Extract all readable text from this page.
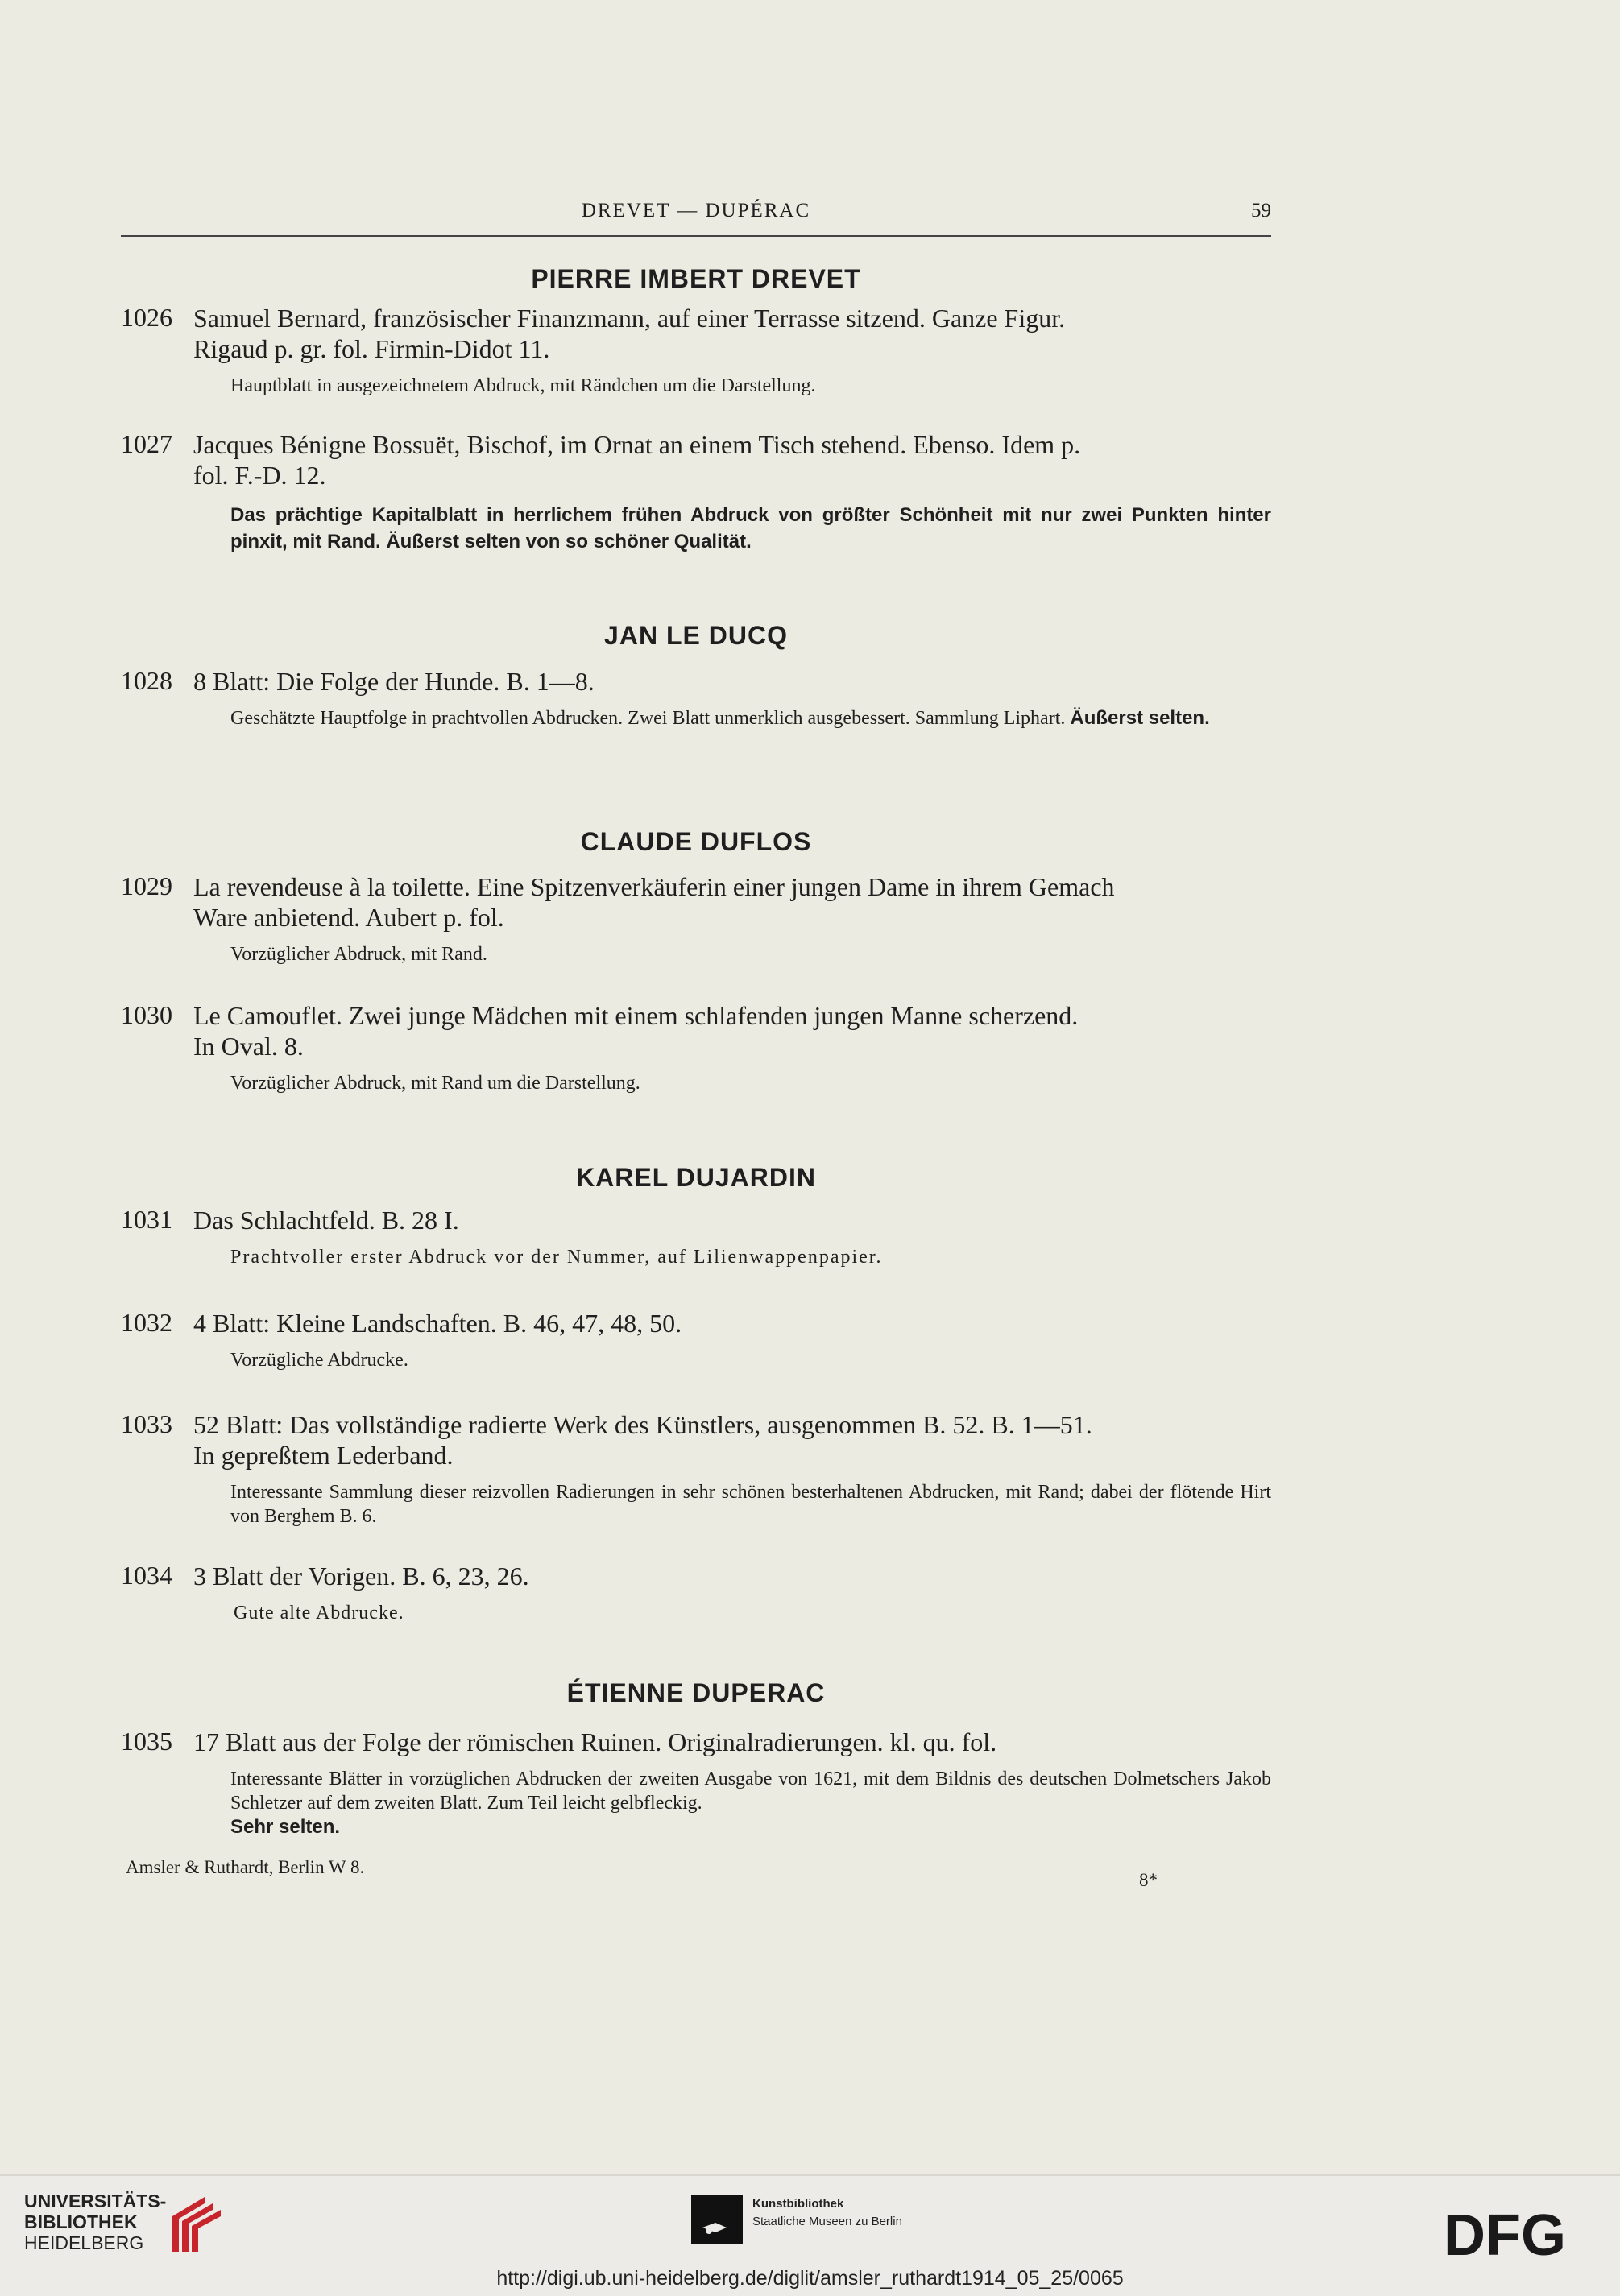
DREVET — DUPÉRAC	59
PIERRE IMBERT DREVET
1026 Samuel Bernard, französischer Finanzmann, auf einer Terrasse sitzend. Ganze Figur.
Rigaud p. gr. fol. Firmin-Didot 11.
Hauptblatt in ausgezeichnetem Abdruck, mit Rändchen um die Darstellung.
1027 Jacques Bénigne Bossuët, Bischof, im Ornat an einem Tisch stehend. Ebenso. Idem p.
fol. F.-D. 12.
Das prächtige Kapitalblatt in herrlichem frühen Abdruck von größter Schönheit mit nur zwei Punkten hinter pinxit, mit Rand. Äußerst selten von so schöner Qualität.
JAN LE DUCQ
1028 8 Blatt: Die Folge der Hunde. B. 1—8.
Geschätzte Hauptfolge in prachtvollen Abdrucken. Zwei Blatt unmerklich ausgebessert. Sammlung Liphart. Äußerst selten.
CLAUDE DUFLOS
1029 La revendeuse à la toilette. Eine Spitzenverkäuferin einer jungen Dame in ihrem Gemach
Ware anbietend. Aubert p. fol.
Vorzüglicher Abdruck, mit Rand.
1030 Le Camouflet. Zwei junge Mädchen mit einem schlafenden jungen Manne scherzend.
In Oval. 8.
Vorzüglicher Abdruck, mit Rand um die Darstellung.
KAREL DUJARDIN
1031 Das Schlachtfeld. B. 28 I.
Prachtvoller erster Abdruck vor der Nummer, auf Lilienwappenpapier.
1032 4 Blatt: Kleine Landschaften. B. 46, 47, 48, 50.
Vorzügliche Abdrucke.
1033 52 Blatt: Das vollständige radierte Werk des Künstlers, ausgenommen B. 52. B. 1—51.
In gepreßtem Lederband.
Interessante Sammlung dieser reizvollen Radierungen in sehr schönen besterhaltenen Abdrucken, mit Rand; dabei der flötende Hirt von Berghem B. 6.
1034 3 Blatt der Vorigen. B. 6, 23, 26.
Gute alte Abdrucke.
ÉTIENNE DUPERAC
1035 17 Blatt aus der Folge der römischen Ruinen. Originalradierungen. kl. qu. fol.
Interessante Blätter in vorzüglichen Abdrucken der zweiten Ausgabe von 1621, mit dem Bildnis des deutschen Dolmetschers Jakob Schletzer auf dem zweiten Blatt. Zum Teil leicht gelbfleckig.
Sehr selten.
Amsler & Ruthardt, Berlin W 8.
8*
UNIVERSITÄTS-
BIBLIOTHEK
HEIDELBERG
Kunstbibliothek
Staatliche Museen zu Berlin	DFG
http://digi.ub.uni-heidelberg.de/diglit/amsler_ruthardt1914_05_25/0065
